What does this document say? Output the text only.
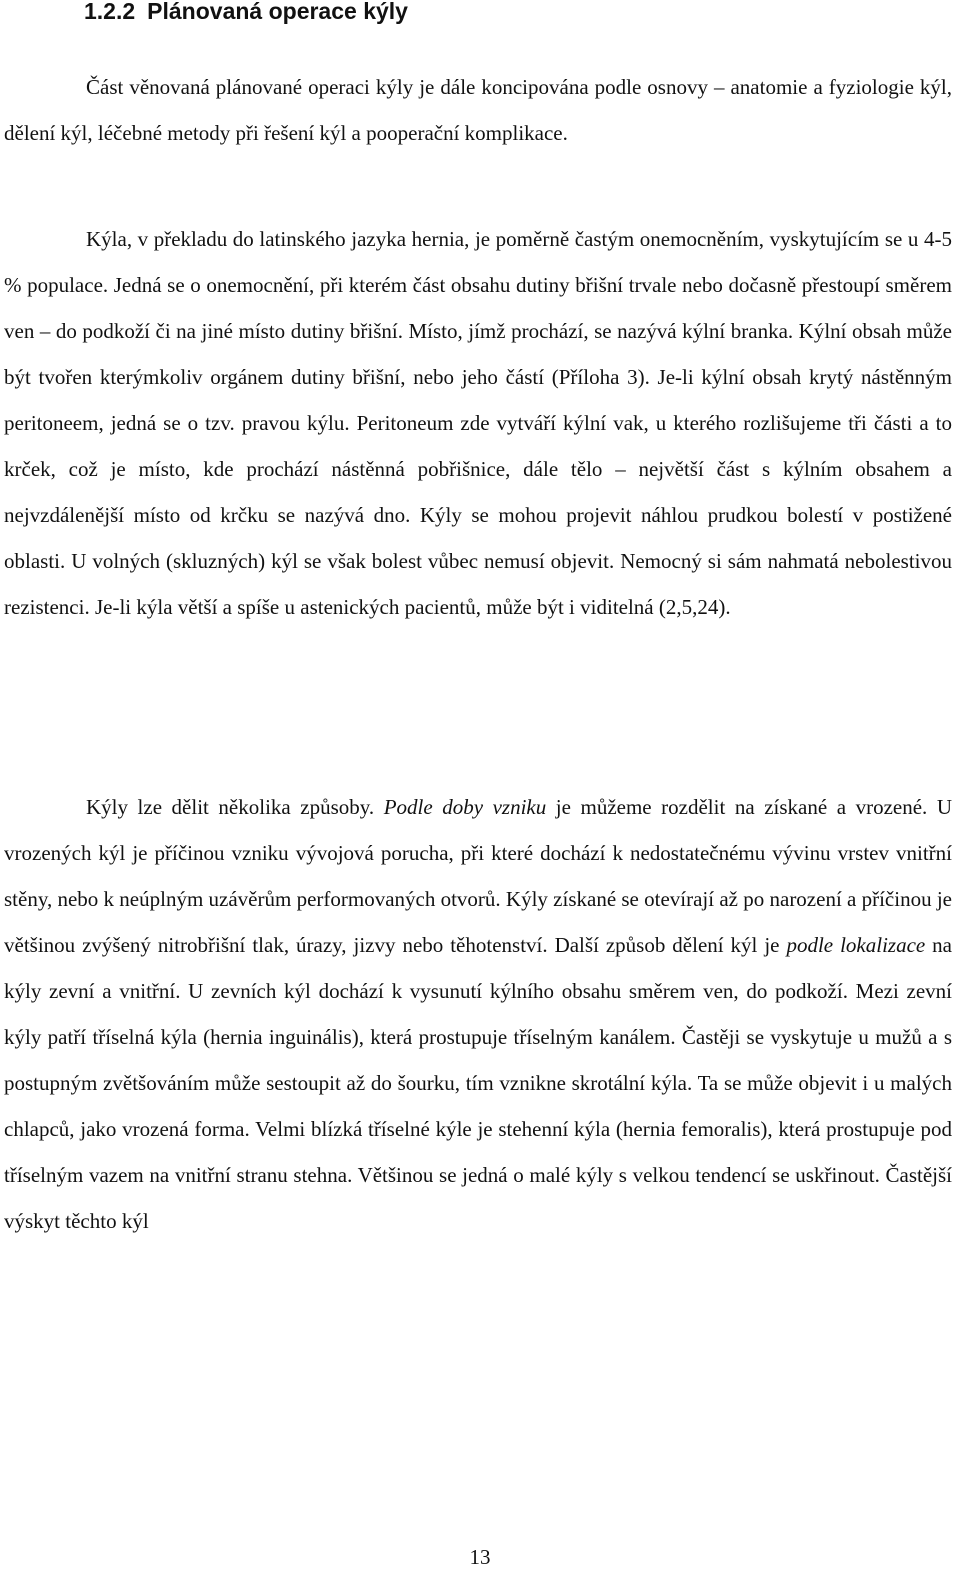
1.2.2 Plánovaná operace kýly

Část věnovaná plánované operaci kýly je dále koncipována podle osnovy – anatomie a fyziologie kýl, dělení kýl, léčebné metody při řešení kýl a pooperační komplikace.

Kýla, v překladu do latinského jazyka hernia, je poměrně častým onemocněním, vyskytujícím se u 4-5 % populace. Jedná se o onemocnění, při kterém část obsahu dutiny břišní trvale nebo dočasně přestoupí směrem ven – do podkoží či na jiné místo dutiny břišní. Místo, jímž prochází, se nazývá kýlní branka. Kýlní obsah může být tvořen kterýmkoliv orgánem dutiny břišní, nebo jeho částí (Příloha 3). Je-li kýlní obsah krytý nástěnným peritoneem, jedná se o tzv. pravou kýlu. Peritoneum zde vytváří kýlní vak, u kterého rozlišujeme tři části a to krček, což je místo, kde prochází nástěnná pobřišnice, dále tělo – největší část s kýlním obsahem a nejvzdálenější místo od krčku se nazývá dno. Kýly se mohou projevit náhlou prudkou bolestí v postižené oblasti. U volných (skluzných) kýl se však bolest vůbec nemusí objevit. Nemocný si sám nahmatá nebolestivou rezistenci. Je-li kýla větší a spíše u astenických pacientů, může být i viditelná (2,5,24).

Kýly lze dělit několika způsoby. Podle doby vzniku je můžeme rozdělit na získané a vrozené. U vrozených kýl je příčinou vzniku vývojová porucha, při které dochází k nedostatečnému vývinu vrstev vnitřní stěny, nebo k neúplným uzávěrům performovaných otvorů. Kýly získané se otevírají až po narození a příčinou je většinou zvýšený nitrobřišní tlak, úrazy, jizvy nebo těhotenství. Další způsob dělení kýl je podle lokalizace na kýly zevní a vnitřní. U zevních kýl dochází k vysunutí kýlního obsahu směrem ven, do podkoží. Mezi zevní kýly patří tříselná kýla (hernia inguinális), která prostupuje tříselným kanálem. Častěji se vyskytuje u mužů a s postupným zvětšováním může sestoupit až do šourku, tím vznikne skrotální kýla. Ta se může objevit i u malých chlapců, jako vrozená forma. Velmi blízká tříselné kýle je stehenní kýla (hernia femoralis), která prostupuje pod tříselným vazem na vnitřní stranu stehna. Většinou se jedná o malé kýly s velkou tendencí se uskřinout. Častější výskyt těchto kýl

13
